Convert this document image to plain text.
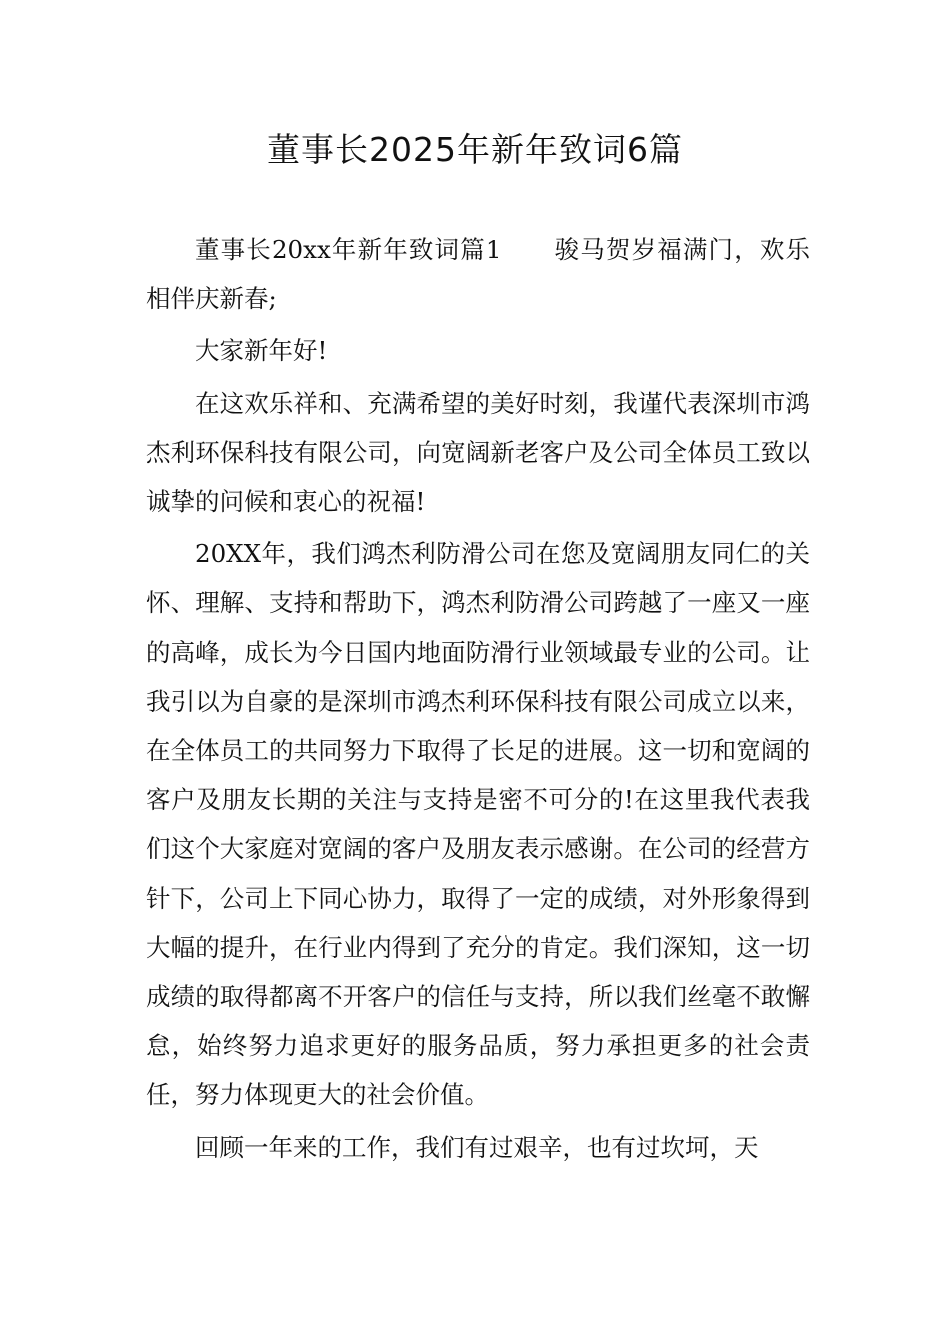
董事长2025年新年致词6篇

董事长20xx年新年致词篇1 骏马贺岁福满门，欢乐相伴庆新春;

大家新年好!

在这欢乐祥和、充满希望的美好时刻，我谨代表深圳市鸿杰利环保科技有限公司，向宽阔新老客户及公司全体员工致以诚挚的问候和衷心的祝福!

20XX年，我们鸿杰利防滑公司在您及宽阔朋友同仁的关怀、理解、支持和帮助下，鸿杰利防滑公司跨越了一座又一座的高峰，成长为今日国内地面防滑行业领域最专业的公司。让我引以为自豪的是深圳市鸿杰利环保科技有限公司成立以来，在全体员工的共同努力下取得了长足的进展。这一切和宽阔的客户及朋友长期的关注与支持是密不可分的!在这里我代表我们这个大家庭对宽阔的客户及朋友表示感谢。在公司的经营方针下，公司上下同心协力，取得了一定的成绩，对外形象得到大幅的提升，在行业内得到了充分的肯定。我们深知，这一切成绩的取得都离不开客户的信任与支持，所以我们丝毫不敢懈怠，始终努力追求更好的服务品质，努力承担更多的社会责任，努力体现更大的社会价值。

回顾一年来的工作，我们有过艰辛，也有过坎坷，天
